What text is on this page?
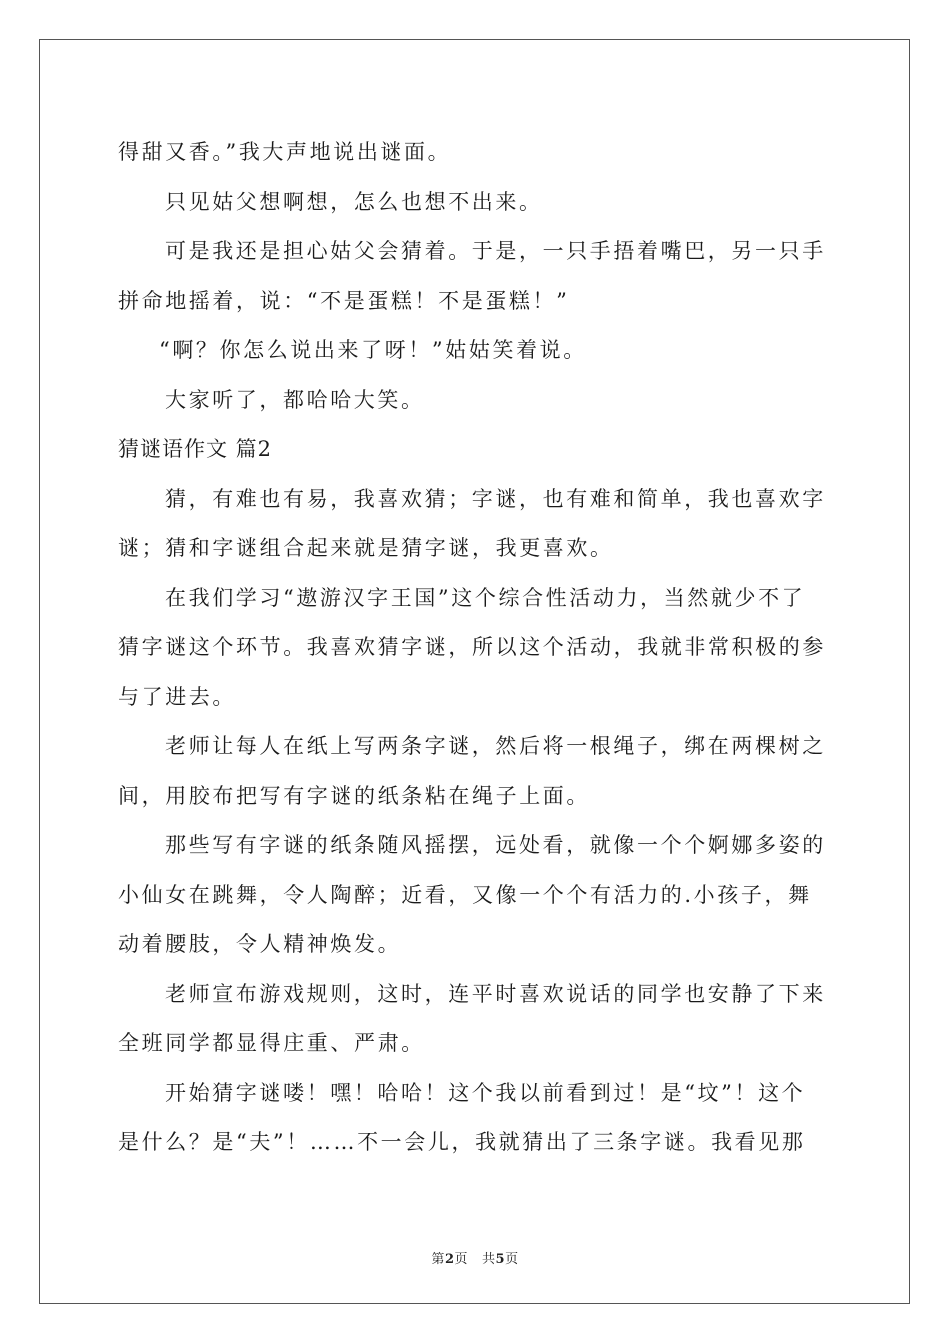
得甜又香。”我大声地说出谜面。
只见姑父想啊想，怎么也想不出来。
可是我还是担心姑父会猜着。于是，一只手捂着嘴巴，另一只手
拼命地摇着，说：“不是蛋糕！不是蛋糕！”
“啊？你怎么说出来了呀！”姑姑笑着说。
大家听了，都哈哈大笑。
猜谜语作文 篇2
猜，有难也有易，我喜欢猜；字谜，也有难和简单，我也喜欢字
谜；猜和字谜组合起来就是猜字谜，我更喜欢。
在我们学习“遨游汉字王国”这个综合性活动力，当然就少不了
猜字谜这个环节。我喜欢猜字谜，所以这个活动，我就非常积极的参
与了进去。
老师让每人在纸上写两条字谜，然后将一根绳子，绑在两棵树之
间，用胶布把写有字谜的纸条粘在绳子上面。
那些写有字谜的纸条随风摇摆，远处看，就像一个个婀娜多姿的
小仙女在跳舞，令人陶醉；近看，又像一个个有活力的.小孩子，舞
动着腰肢，令人精神焕发。
老师宣布游戏规则，这时，连平时喜欢说话的同学也安静了下来
全班同学都显得庄重、严肃。
开始猜字谜喽！嘿！哈哈！这个我以前看到过！是“坟”！这个
是什么？是“夫”！……不一会儿，我就猜出了三条字谜。我看见那
第2页 共5页
